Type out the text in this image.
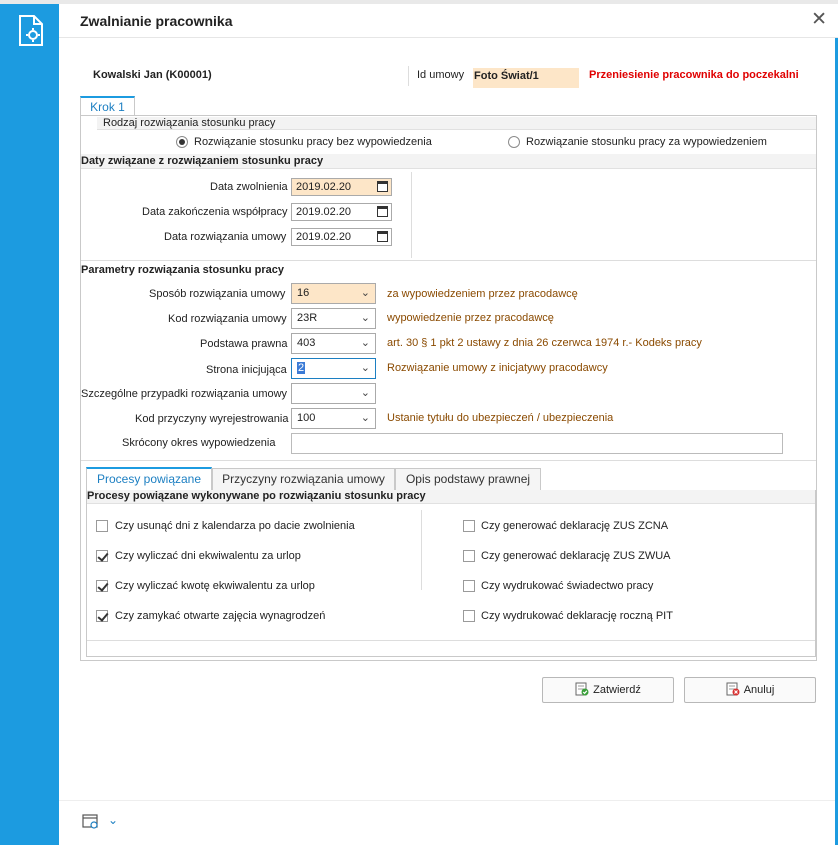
Zwalnianie pracownika	✕
Kowalski Jan (K00001)	Id umowy Foto Świat/1	Przeniesienie pracownika do poczekalni
Krok 1
Rodzaj rozwiązania stosunku pracy
Rozwiązanie stosunku pracy bez wypowiedzenia	Rozwiązanie stosunku pracy za wypowiedzeniem
Daty związane z rozwiązaniem stosunku pracy
Data zwolnienia 2019.02.20
Data zakończenia współpracy 2019.02.20
Data rozwiązania umowy 2019.02.20
Parametry rozwiązania stosunku pracy
Sposób rozwiązania umowy	16	⌄ za wypowiedzeniem przez pracodawcę
Kod rozwiązania umowy 23R	⌄ wypowiedzenie przez pracodawcę
Podstawa prawna 403	⌄ art. 30 § 1 pkt 2 ustawy z dnia 26 czerwca 1974 r.- Kodeks pracy
Strona inicjująca	2	⌄ Rozwiązanie umowy z inicjatywy pracodawcy
Szczególne przypadki rozwiązania umowy	⌄
Kod przyczyny wyrejestrowania 100	⌄ Ustanie tytułu do ubezpieczeń / ubezpieczenia
Skrócony okres wypowiedzenia
Procesy powiązane	Przyczyny rozwiązania umowy	Opis podstawy prawnej
Procesy powiązane wykonywane po rozwiązaniu stosunku pracy
Czy usunąć dni z kalendarza po dacie zwolnienia
Czy wyliczać dni ekwiwalentu za urlop
Czy wyliczać kwotę ekwiwalentu za urlop
Czy zamykać otwarte zajęcia wynagrodzeń
Czy generować deklarację ZUS ZCNA
Czy generować deklarację ZUS ZWUA
Czy wydrukować świadectwo pracy
Czy wydrukować deklarację roczną PIT
Zatwierdź	Anuluj
⌄
